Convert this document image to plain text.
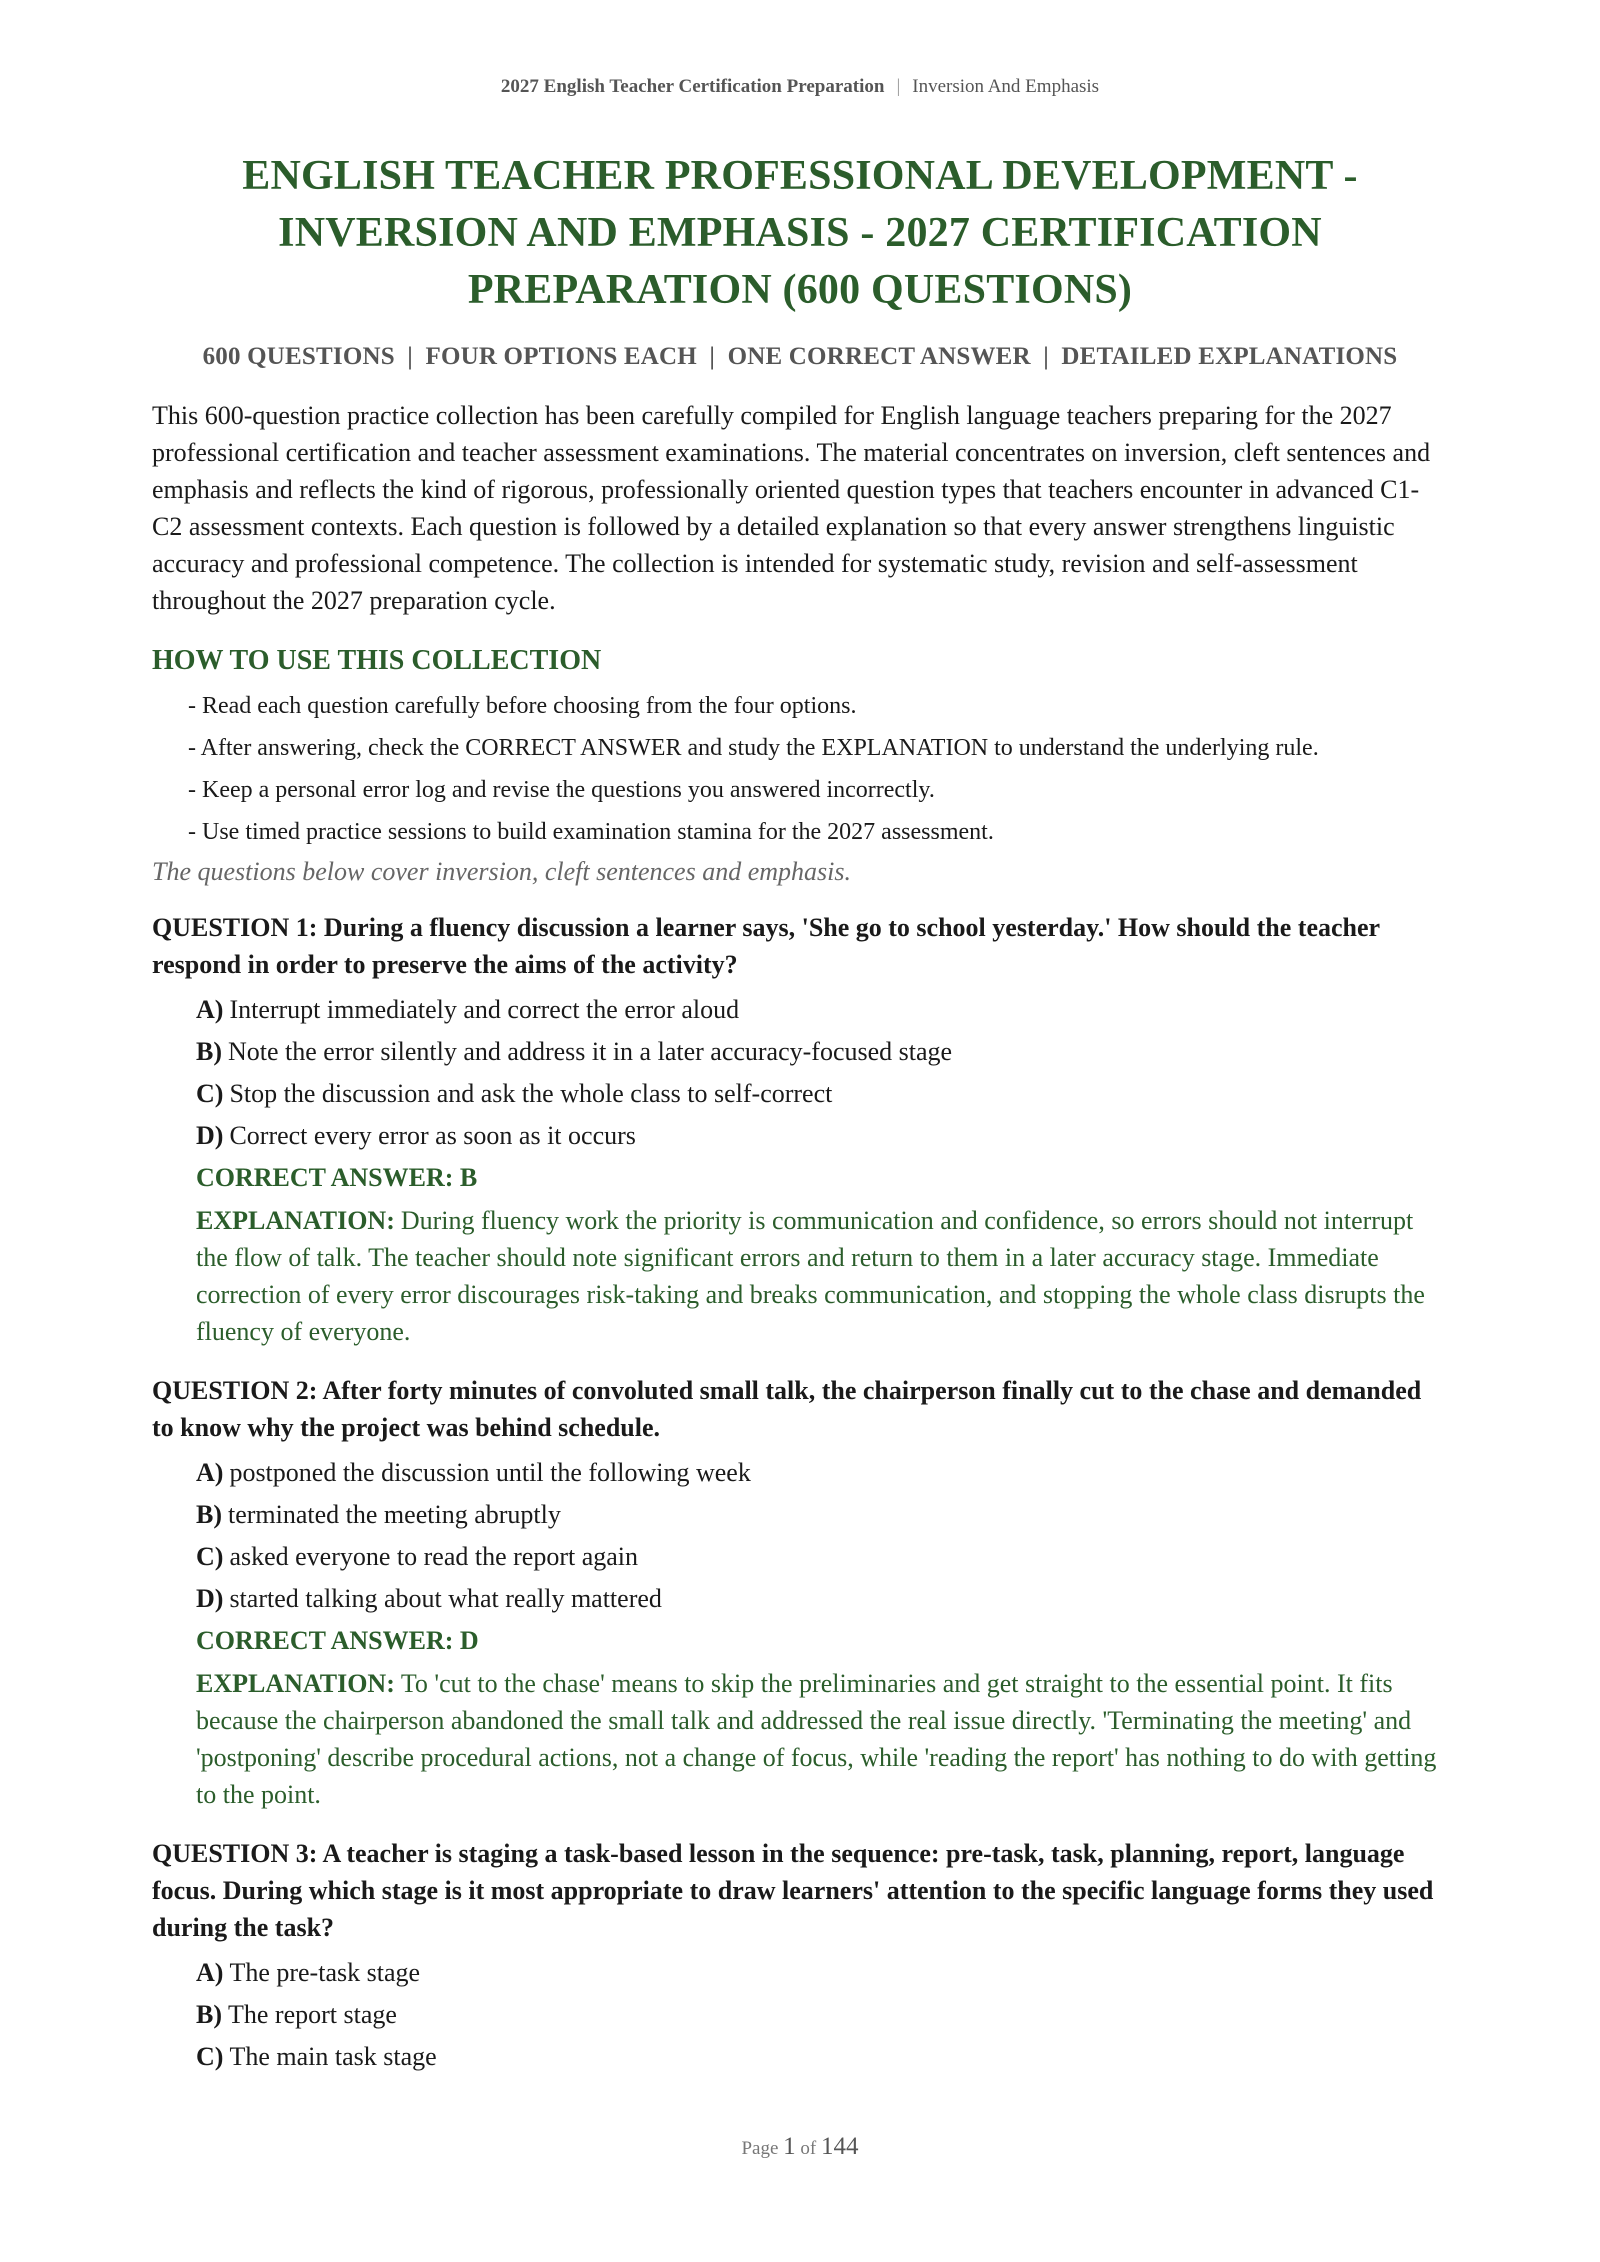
2027 English Teacher Certification Preparation | Inversion And Emphasis
ENGLISH TEACHER PROFESSIONAL DEVELOPMENT - INVERSION AND EMPHASIS - 2027 CERTIFICATION PREPARATION (600 QUESTIONS)
600 QUESTIONS | FOUR OPTIONS EACH | ONE CORRECT ANSWER | DETAILED EXPLANATIONS

This 600-question practice collection has been carefully compiled for English language teachers preparing for the 2027 professional certification and teacher assessment examinations. The material concentrates on inversion, cleft sentences and emphasis and reflects the kind of rigorous, professionally oriented question types that teachers encounter in advanced C1-C2 assessment contexts. Each question is followed by a detailed explanation so that every answer strengthens linguistic accuracy and professional competence. The collection is intended for systematic study, revision and self-assessment throughout the 2027 preparation cycle.

HOW TO USE THIS COLLECTION
- Read each question carefully before choosing from the four options.
- After answering, check the CORRECT ANSWER and study the EXPLANATION to understand the underlying rule.
- Keep a personal error log and revise the questions you answered incorrectly.
- Use timed practice sessions to build examination stamina for the 2027 assessment.
The questions below cover inversion, cleft sentences and emphasis.
QUESTION 1: During a fluency discussion a learner says, 'She go to school yesterday.' How should the teacher respond in order to preserve the aims of the activity?
A) Interrupt immediately and correct the error aloud
B) Note the error silently and address it in a later accuracy-focused stage
C) Stop the discussion and ask the whole class to self-correct
D) Correct every error as soon as it occurs
CORRECT ANSWER: B
EXPLANATION: During fluency work the priority is communication and confidence, so errors should not interrupt the flow of talk. The teacher should note significant errors and return to them in a later accuracy stage. Immediate correction of every error discourages risk-taking and breaks communication, and stopping the whole class disrupts the fluency of everyone.
QUESTION 2: After forty minutes of convoluted small talk, the chairperson finally cut to the chase and demanded to know why the project was behind schedule.
A) postponed the discussion until the following week
B) terminated the meeting abruptly
C) asked everyone to read the report again
D) started talking about what really mattered
CORRECT ANSWER: D
EXPLANATION: To 'cut to the chase' means to skip the preliminaries and get straight to the essential point. It fits because the chairperson abandoned the small talk and addressed the real issue directly. 'Terminating the meeting' and 'postponing' describe procedural actions, not a change of focus, while 'reading the report' has nothing to do with getting to the point.
QUESTION 3: A teacher is staging a task-based lesson in the sequence: pre-task, task, planning, report, language focus. During which stage is it most appropriate to draw learners' attention to the specific language forms they used during the task?
A) The pre-task stage
B) The report stage
C) The main task stage
Page 1 of 144
